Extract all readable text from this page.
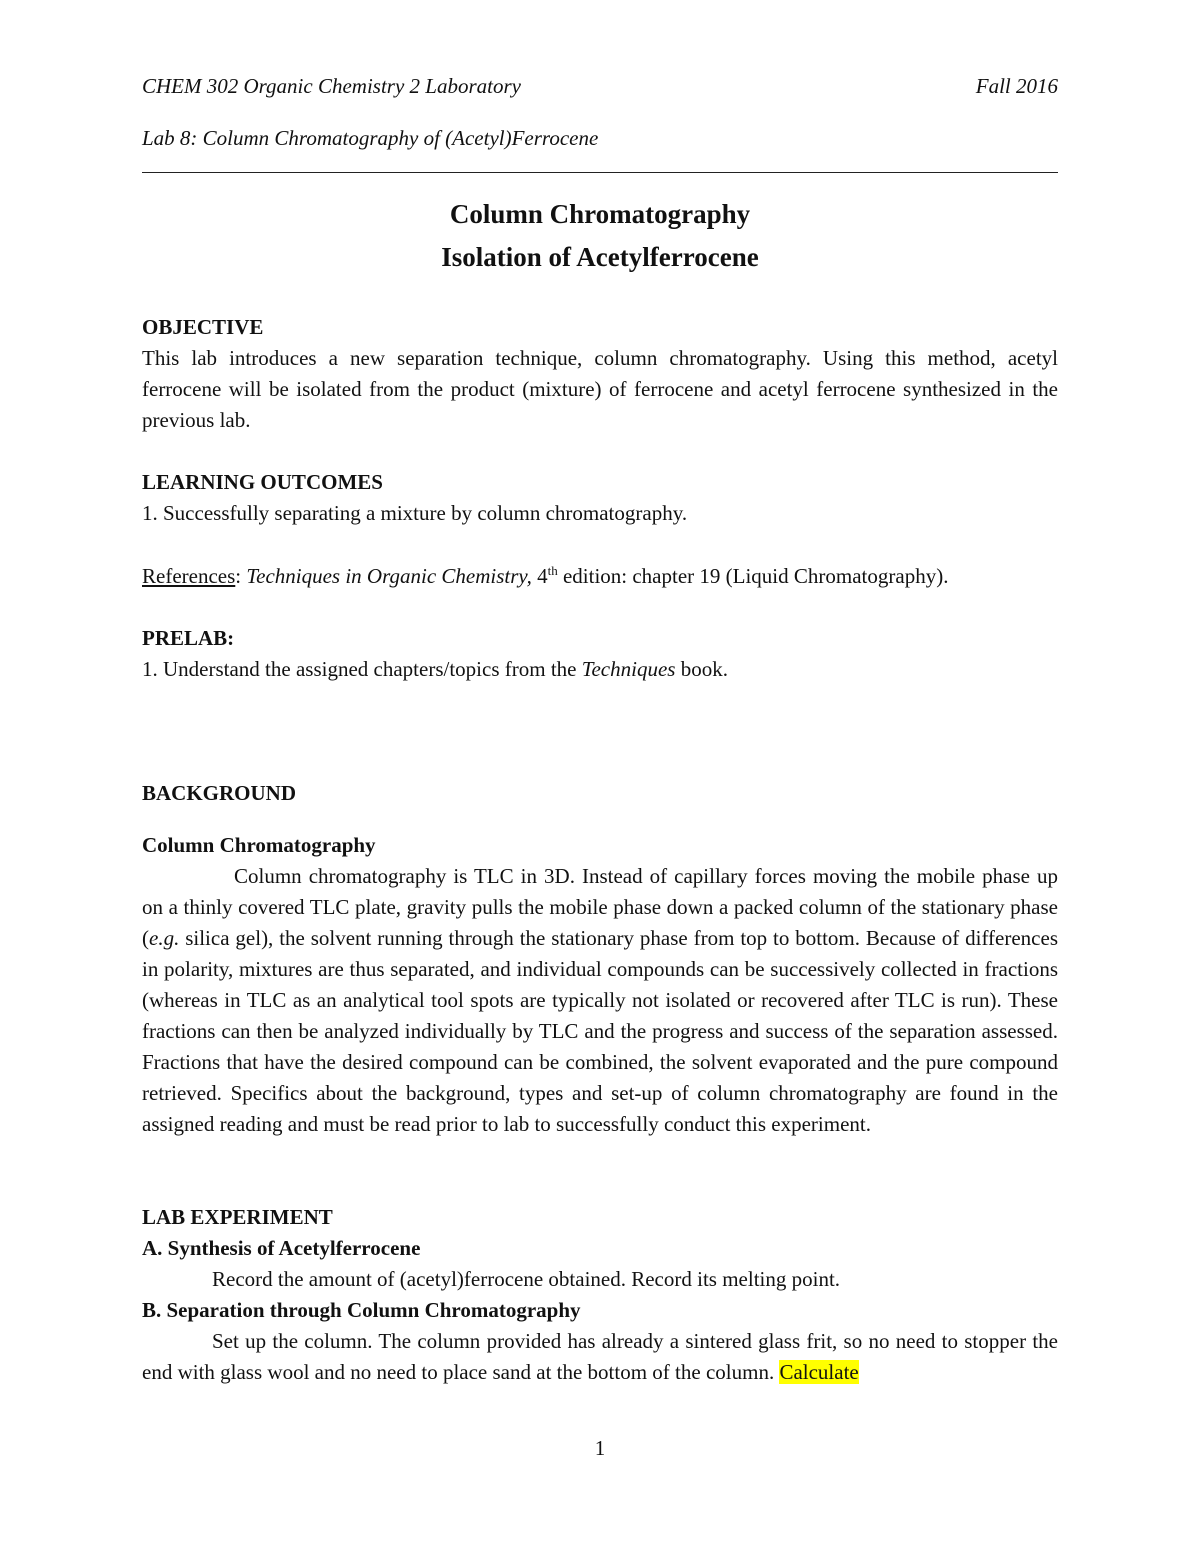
CHEM 302 Organic Chemistry 2 Laboratory	Fall 2016
Lab 8: Column Chromatography of (Acetyl)Ferrocene
Column Chromatography
Isolation of Acetylferrocene
OBJECTIVE
This lab introduces a new separation technique, column chromatography. Using this method, acetyl ferrocene will be isolated from the product (mixture) of ferrocene and acetyl ferrocene synthesized in the previous lab.
LEARNING OUTCOMES
1. Successfully separating a mixture by column chromatography.
References: Techniques in Organic Chemistry, 4th edition: chapter 19 (Liquid Chromatography).
PRELAB:
1. Understand the assigned chapters/topics from the Techniques book.
BACKGROUND
Column Chromatography
Column chromatography is TLC in 3D. Instead of capillary forces moving the mobile phase up on a thinly covered TLC plate, gravity pulls the mobile phase down a packed column of the stationary phase (e.g. silica gel), the solvent running through the stationary phase from top to bottom. Because of differences in polarity, mixtures are thus separated, and individual compounds can be successively collected in fractions (whereas in TLC as an analytical tool spots are typically not isolated or recovered after TLC is run). These fractions can then be analyzed individually by TLC and the progress and success of the separation assessed. Fractions that have the desired compound can be combined, the solvent evaporated and the pure compound retrieved. Specifics about the background, types and set-up of column chromatography are found in the assigned reading and must be read prior to lab to successfully conduct this experiment.
LAB EXPERIMENT
A. Synthesis of Acetylferrocene
Record the amount of (acetyl)ferrocene obtained. Record its melting point.
B. Separation through Column Chromatography
Set up the column. The column provided has already a sintered glass frit, so no need to stopper the end with glass wool and no need to place sand at the bottom of the column. Calculate
1
